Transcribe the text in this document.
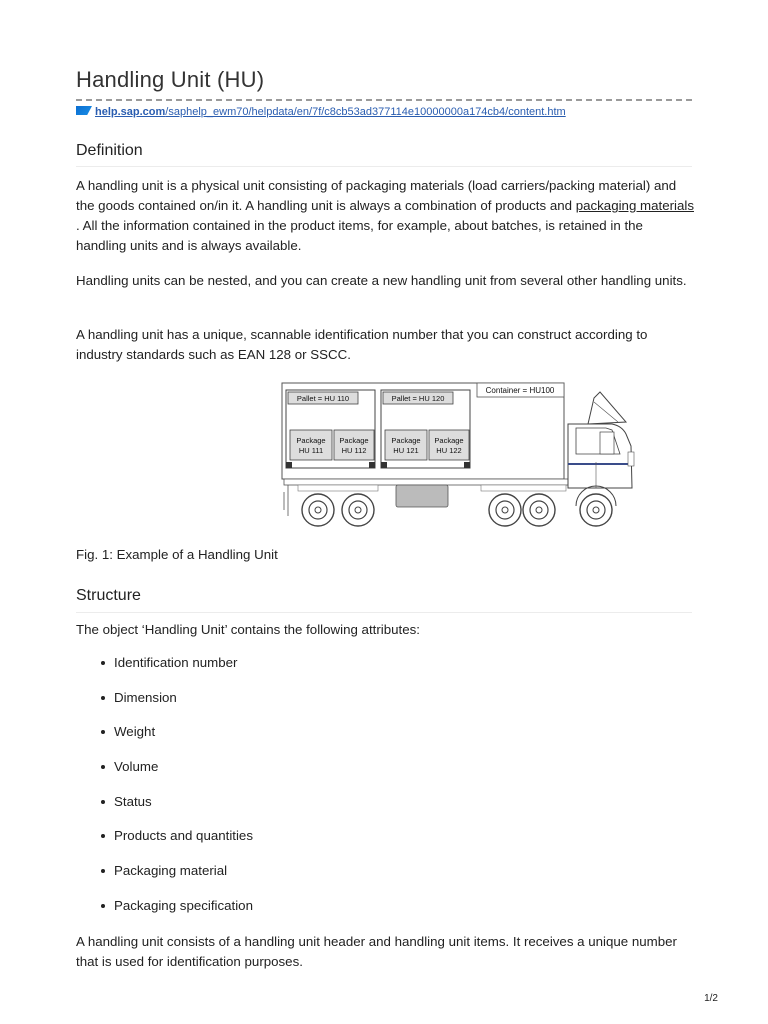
Handling Unit (HU)
help.sap.com/saphelp_ewm70/helpdata/en/7f/c8cb53ad377114e10000000a174cb4/content.htm
Definition

A handling unit is a physical unit consisting of packaging materials (load carriers/packing material) and the goods contained on/in it. A handling unit is always a combination of products and packaging materials . All the information contained in the product items, for example, about batches, is retained in the handling units and is always available.

Handling units can be nested, and you can create a new handling unit from several other handling units.

A handling unit has a unique, scannable identification number that you can construct according to industry standards such as EAN 128 or SSCC.

Container = HU100
Pallet = HU 110
Package
HU 111
Package
HU 112
Pallet = HU 120
Package
HU 121
Package
HU 122
Fig. 1: Example of a Handling Unit
Structure

The object ‘Handling Unit’ contains the following attributes:

Identification number
Dimension
Weight
Volume
Status
Products and quantities
Packaging material
Packaging specification

A handling unit consists of a handling unit header and handling unit items. It receives a unique number that is used for identification purposes.

1/2
